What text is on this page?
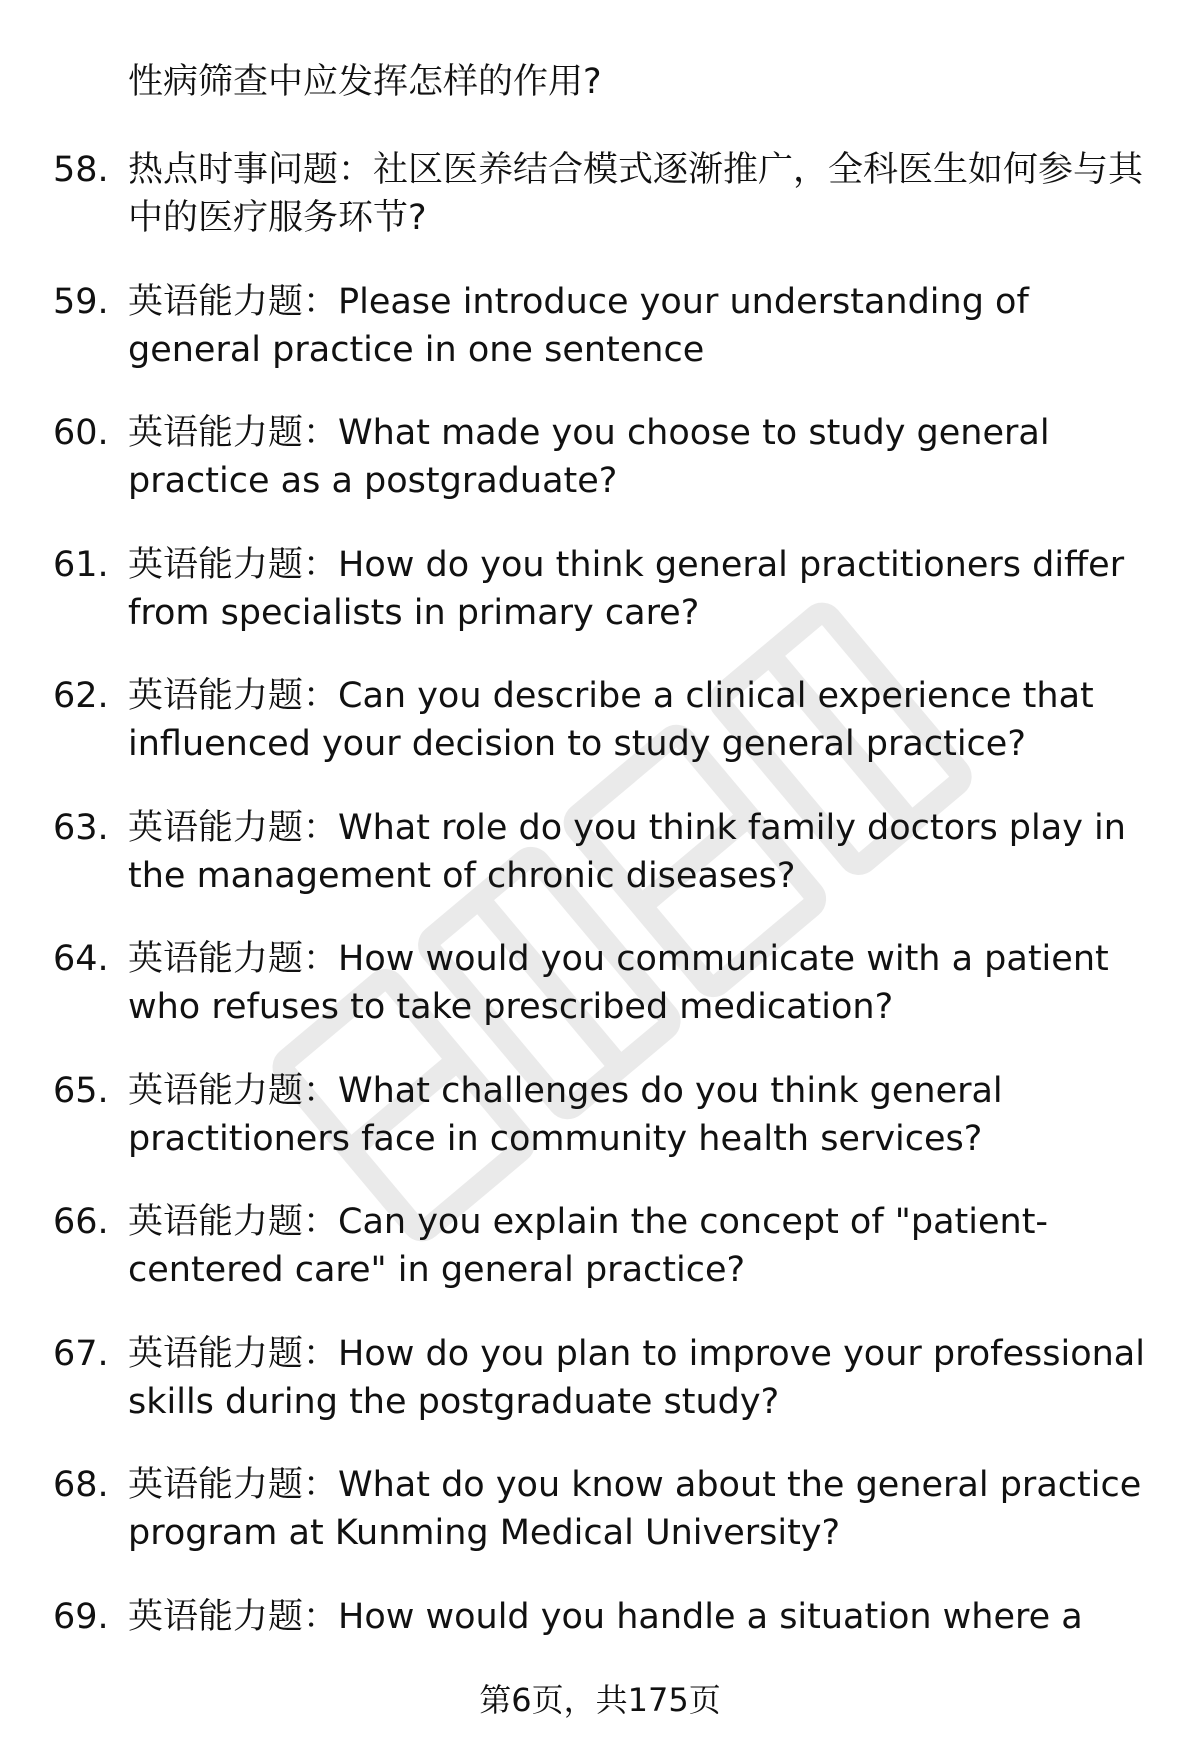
性病筛查中应发挥怎样的作用?

58. 热点时事问题：社区医养结合模式逐渐推广，全科医生如何参与其中的医疗服务环节?

59. 英语能力题：Please introduce your understanding of general practice in one sentence

60. 英语能力题：What made you choose to study general practice as a postgraduate?

61. 英语能力题：How do you think general practitioners differ from specialists in primary care?

62. 英语能力题：Can you describe a clinical experience that influenced your decision to study general practice?

63. 英语能力题：What role do you think family doctors play in the management of chronic diseases?

64. 英语能力题：How would you communicate with a patient who refuses to take prescribed medication?

65. 英语能力题：What challenges do you think general practitioners face in community health services?

66. 英语能力题：Can you explain the concept of "patient-centered care" in general practice?

67. 英语能力题：How do you plan to improve your professional skills during the postgraduate study?

68. 英语能力题：What do you know about the general practice program at Kunming Medical University?

69. 英语能力题：How would you handle a situation where a

第6页，共175页
